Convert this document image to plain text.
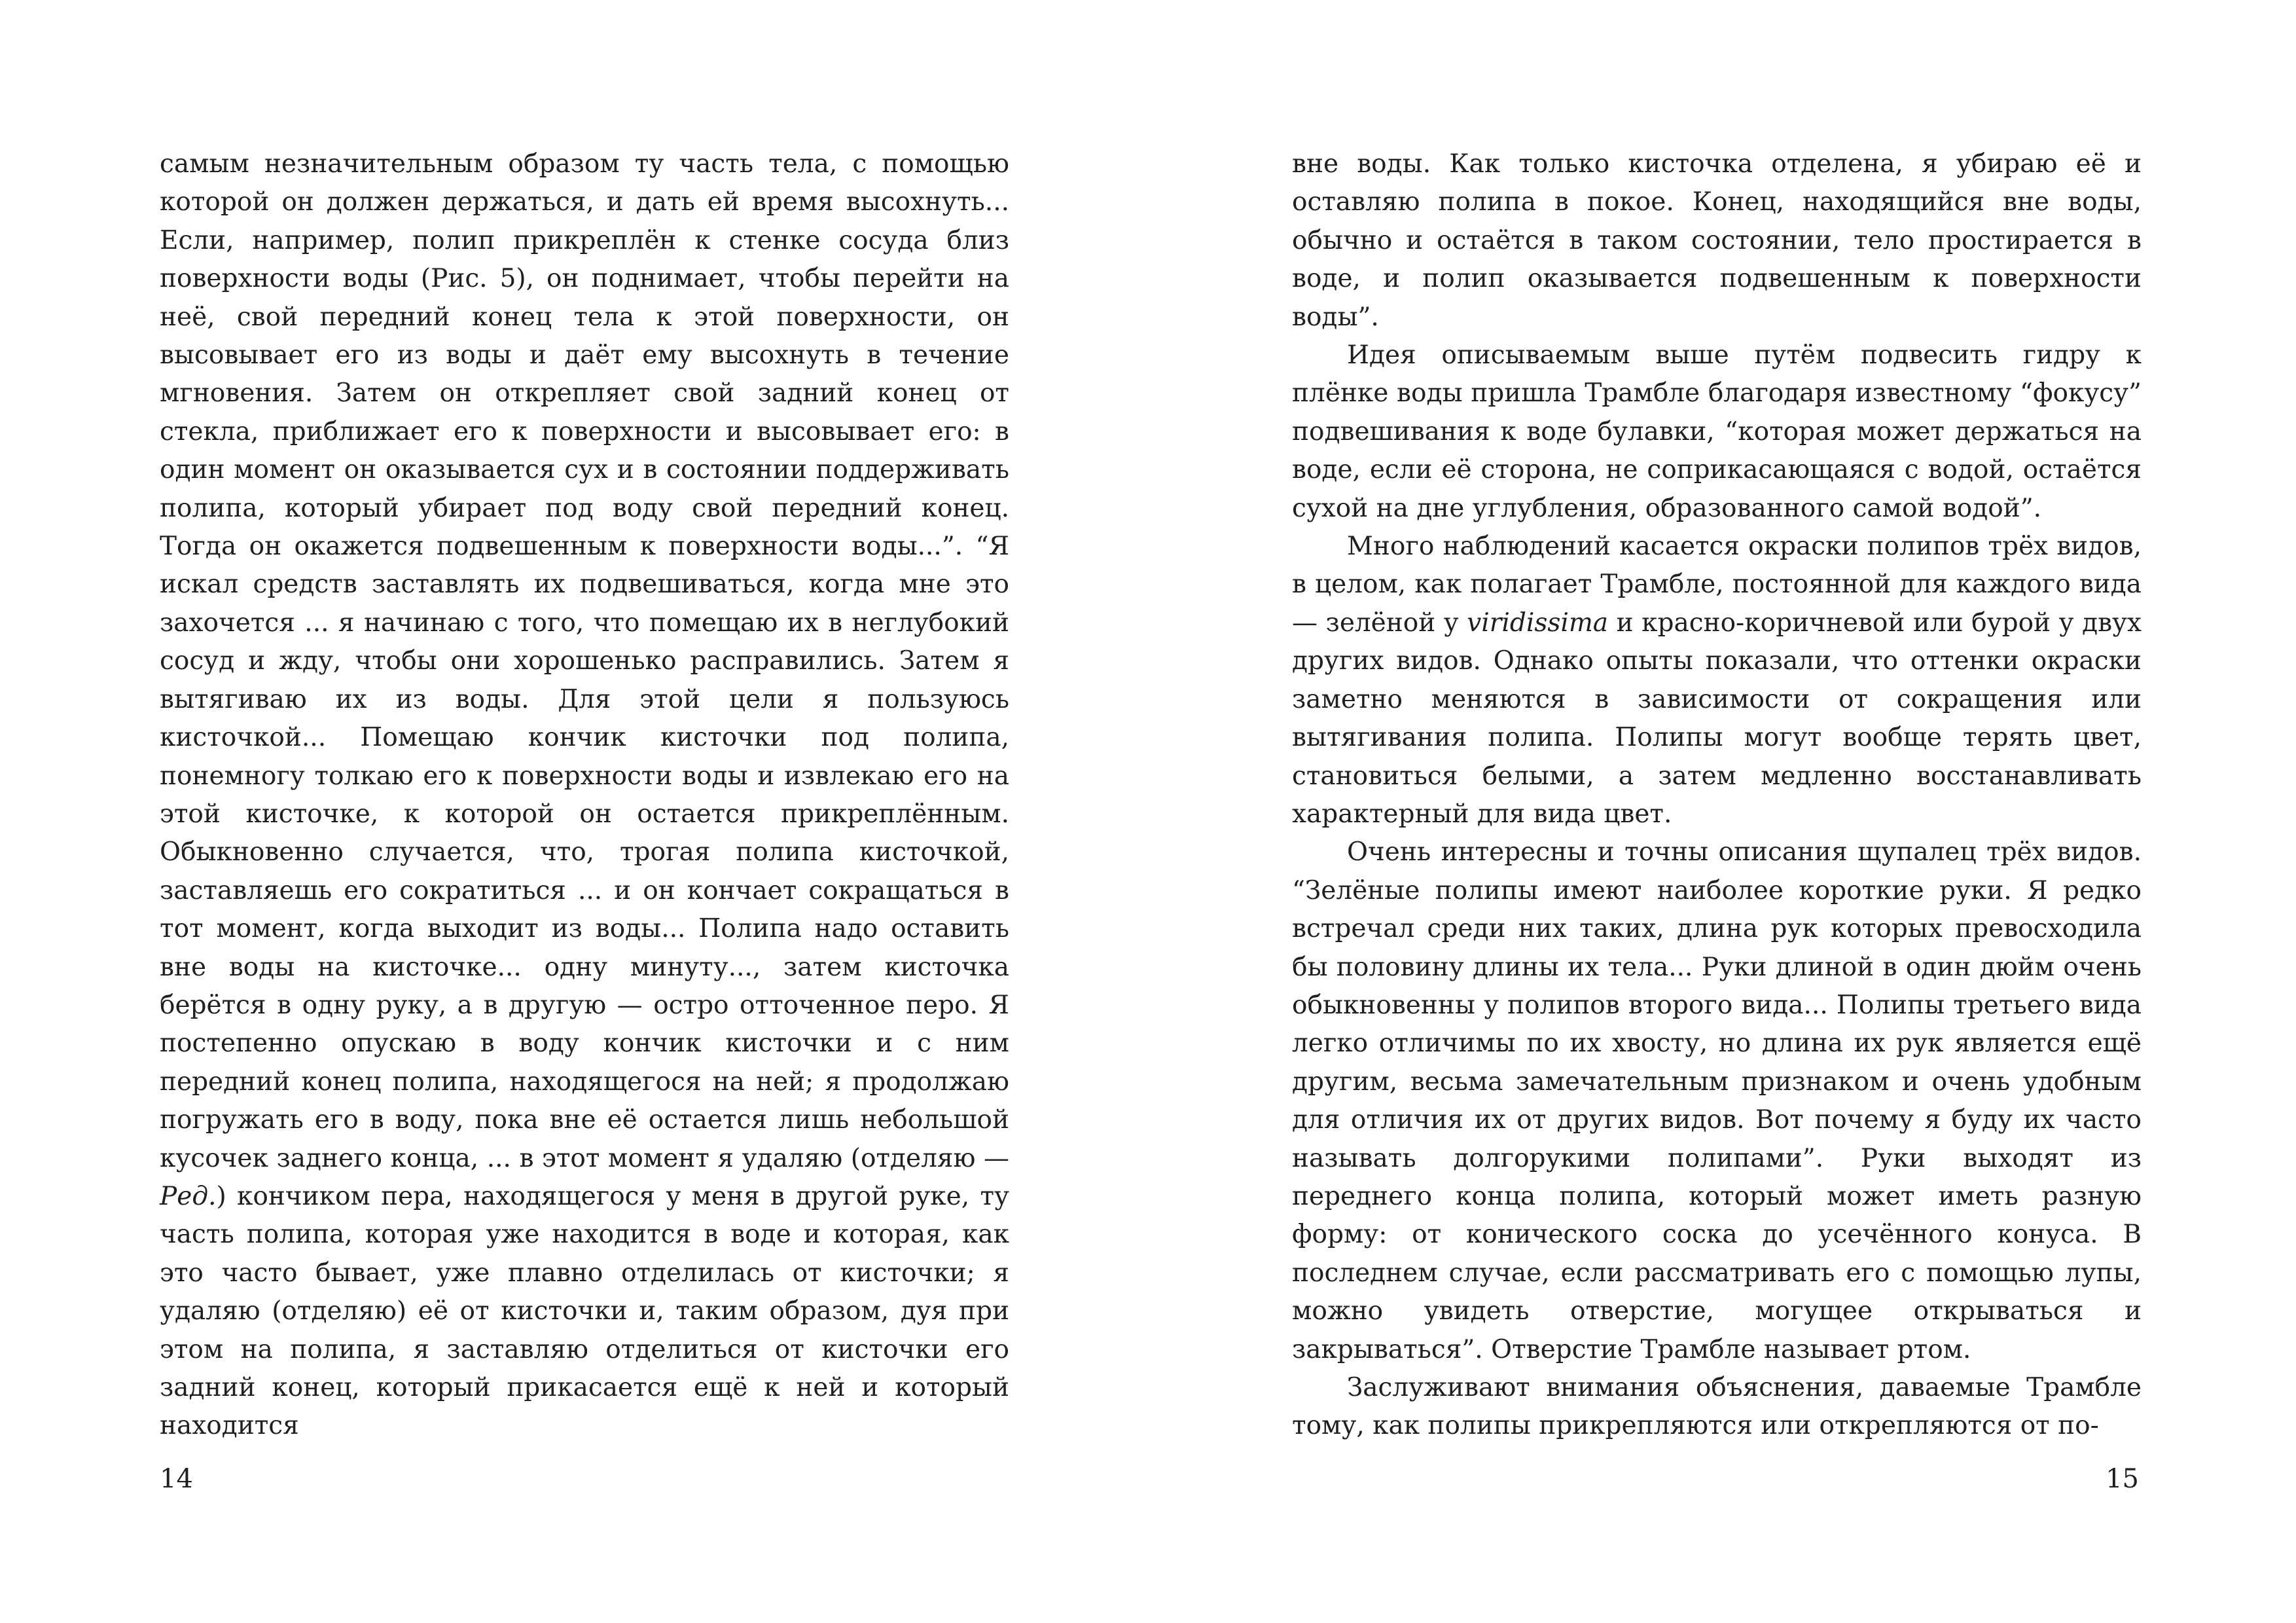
самым незначительным образом ту часть тела, с помощью которой он должен держаться, и дать ей время высохнуть... Если, например, полип прикреплён к стенке сосуда близ поверхности воды (Рис. 5), он поднимает, чтобы перейти на неё, свой передний конец тела к этой поверхности, он высовывает его из воды и даёт ему высохнуть в течение мгновения. Затем он открепляет свой задний конец от стекла, приближает его к поверхности и высовывает его: в один момент он оказывается сух и в состоянии поддерживать полипа, который убирает под воду свой передний конец. Тогда он окажется подвешенным к поверхности воды...”. “Я искал средств заставлять их подвешиваться, когда мне это захочется ... я начинаю с того, что помещаю их в неглубокий сосуд и жду, чтобы они хорошенько расправились. Затем я вытягиваю их из воды. Для этой цели я пользуюсь кисточкой... Помещаю кончик кисточки под полипа, понемногу толкаю его к поверхности воды и извлекаю его на этой кисточке, к которой он остается прикреплённым. Обыкновенно случается, что, трогая полипа кисточкой, заставляешь его сократиться ... и он кончает сокращаться в тот момент, когда выходит из воды... Полипа надо оставить вне воды на кисточке... одну минуту..., затем кисточка берётся в одну руку, а в другую — остро отточенное перо. Я постепенно опускаю в воду кончик кисточки и с ним передний конец полипа, находящегося на ней; я продолжаю погружать его в воду, пока вне её остается лишь небольшой кусочек заднего конца, ... в этот момент я удаляю (отделяю — Ред.) кончиком пера, находящегося у меня в другой руке, ту часть полипа, которая уже находится в воде и которая, как это часто бывает, уже плавно отделилась от кисточки; я удаляю (отделяю) её от кисточки и, таким образом, дуя при этом на полипа, я заставляю отделиться от кисточки его задний конец, который прикасается ещё к ней и который находится

вне воды. Как только кисточка отделена, я убираю её и оставляю полипа в покое. Конец, находящийся вне воды, обычно и остаётся в таком состоянии, тело простирается в воде, и полип оказывается подвешенным к поверхности воды”.

Идея описываемым выше путём подвесить гидру к плёнке воды пришла Трамбле благодаря известному “фокусу” подвешивания к воде булавки, “которая может держаться на воде, если её сторона, не соприкасающаяся с водой, остаётся сухой на дне углубления, образованного самой водой”.

Много наблюдений касается окраски полипов трёх видов, в целом, как полагает Трамбле, постоянной для каждого вида — зелёной у viridissima и красно-коричневой или бурой у двух других видов. Однако опыты показали, что оттенки окраски заметно меняются в зависимости от сокращения или вытягивания полипа. Полипы могут вообще терять цвет, становиться белыми, а затем медленно восстанавливать характерный для вида цвет.

Очень интересны и точны описания щупалец трёх видов. “Зелёные полипы имеют наиболее короткие руки. Я редко встречал среди них таких, длина рук которых превосходила бы половину длины их тела... Руки длиной в один дюйм очень обыкновенны у полипов второго вида... Полипы третьего вида легко отличимы по их хвосту, но длина их рук является ещё другим, весьма замечательным признаком и очень удобным для отличия их от других видов. Вот почему я буду их часто называть долгорукими полипами”. Руки выходят из переднего конца полипа, который может иметь разную форму: от конического соска до усечённого конуса. В последнем случае, если рассматривать его с помощью лупы, можно увидеть отверстие, могущее открываться и закрываться”. Отверстие Трамбле называет ртом.

Заслуживают внимания объяснения, даваемые Трамбле тому, как полипы прикрепляются или открепляются от по-

14	15
